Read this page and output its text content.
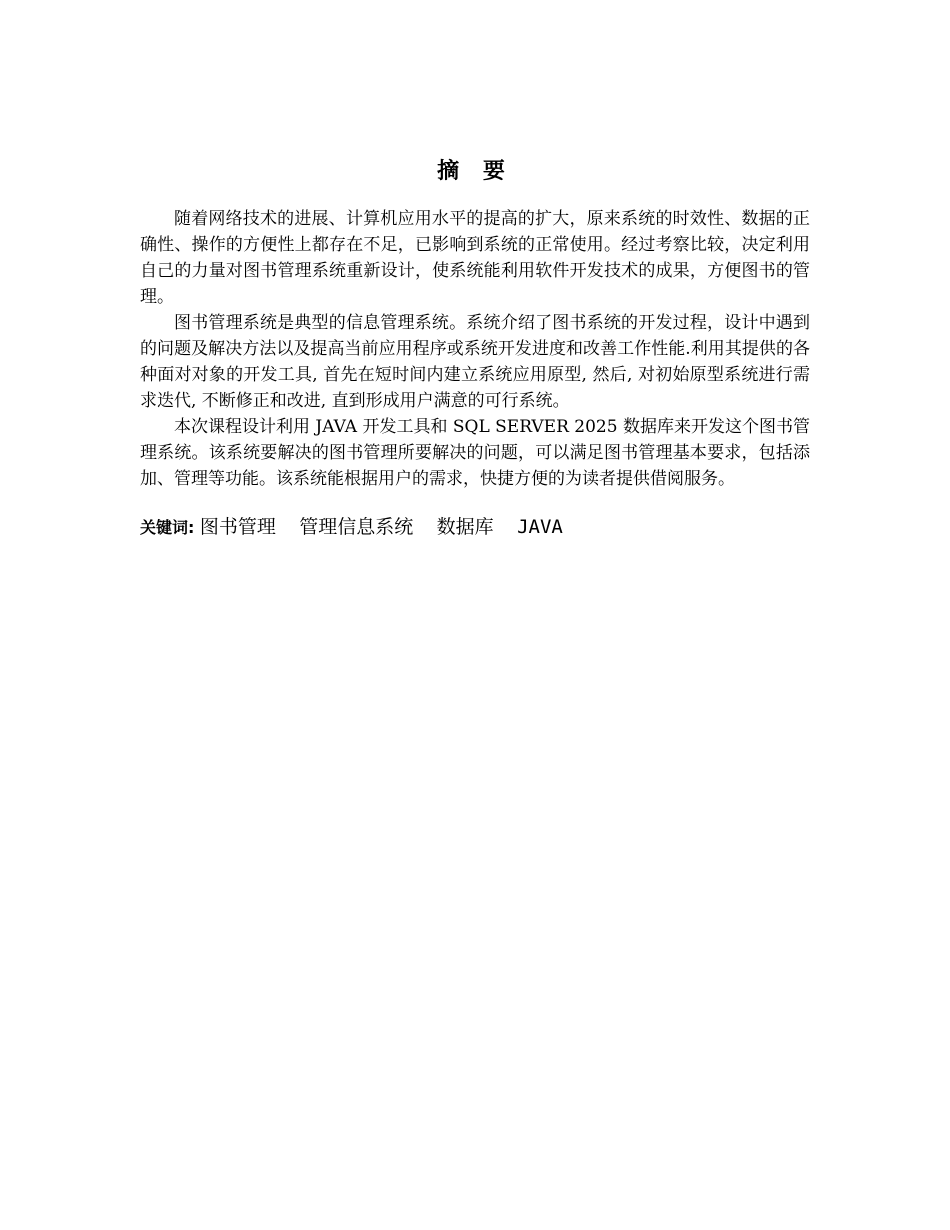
摘 要

随着网络技术的进展、计算机应用水平的提高的扩大，原来系统的时效性、数据的正确性、操作的方便性上都存在不足，已影响到系统的正常使用。经过考察比较，决定利用自己的力量对图书管理系统重新设计，使系统能利用软件开发技术的成果，方便图书的管理。

图书管理系统是典型的信息管理系统。系统介绍了图书系统的开发过程，设计中遇到的问题及解决方法以及提高当前应用程序或系统开发进度和改善工作性能.利用其提供的各种面对对象的开发工具, 首先在短时间内建立系统应用原型, 然后, 对初始原型系统进行需求迭代, 不断修正和改进, 直到形成用户满意的可行系统。

本次课程设计利用 JAVA 开发工具和 SQL SERVER 2025 数据库来开发这个图书管理系统。该系统要解决的图书管理所要解决的问题，可以满足图书管理基本要求，包括添加、管理等功能。该系统能根据用户的需求，快捷方便的为读者提供借阅服务。

关键词: 图书管理 管理信息系统 数据库 JAVA
